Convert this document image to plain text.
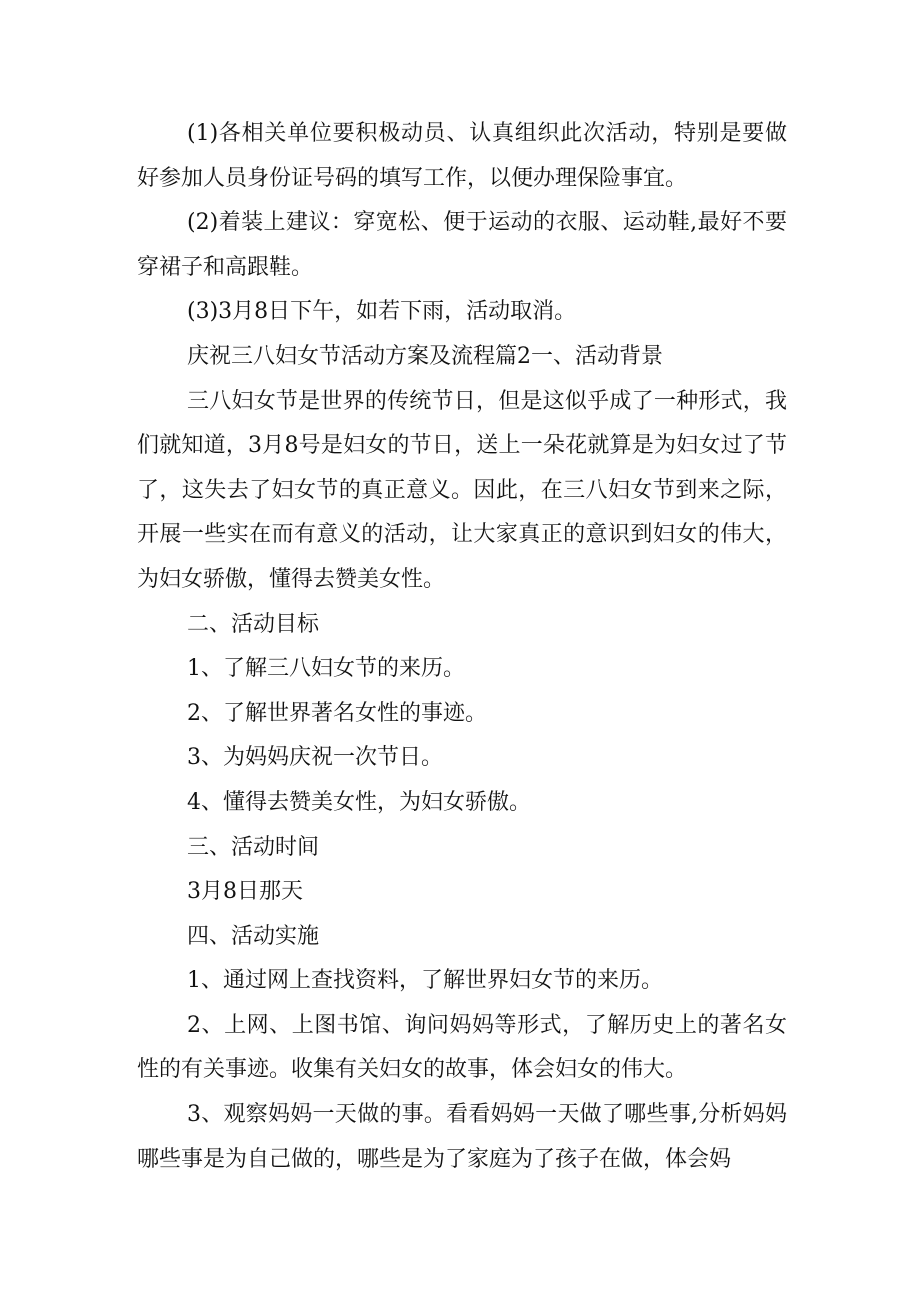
(1)各相关单位要积极动员、认真组织此次活动，特别是要做好参加人员身份证号码的填写工作，以便办理保险事宜。

(2)着装上建议：穿宽松、便于运动的衣服、运动鞋,最好不要穿裙子和高跟鞋。

(3)3月8日下午，如若下雨，活动取消。

庆祝三八妇女节活动方案及流程篇2一、活动背景

三八妇女节是世界的传统节日，但是这似乎成了一种形式，我们就知道，3月8号是妇女的节日，送上一朵花就算是为妇女过了节了，这失去了妇女节的真正意义。因此，在三八妇女节到来之际，开展一些实在而有意义的活动，让大家真正的意识到妇女的伟大，为妇女骄傲，懂得去赞美女性。

二、活动目标

1、了解三八妇女节的来历。

2、了解世界著名女性的事迹。

3、为妈妈庆祝一次节日。

4、懂得去赞美女性，为妇女骄傲。

三、活动时间

3月8日那天

四、活动实施

1、通过网上查找资料，了解世界妇女节的来历。

2、上网、上图书馆、询问妈妈等形式，了解历史上的著名女性的有关事迹。收集有关妇女的故事，体会妇女的伟大。

3、观察妈妈一天做的事。看看妈妈一天做了哪些事,分析妈妈哪些事是为自己做的，哪些是为了家庭为了孩子在做，体会妈
